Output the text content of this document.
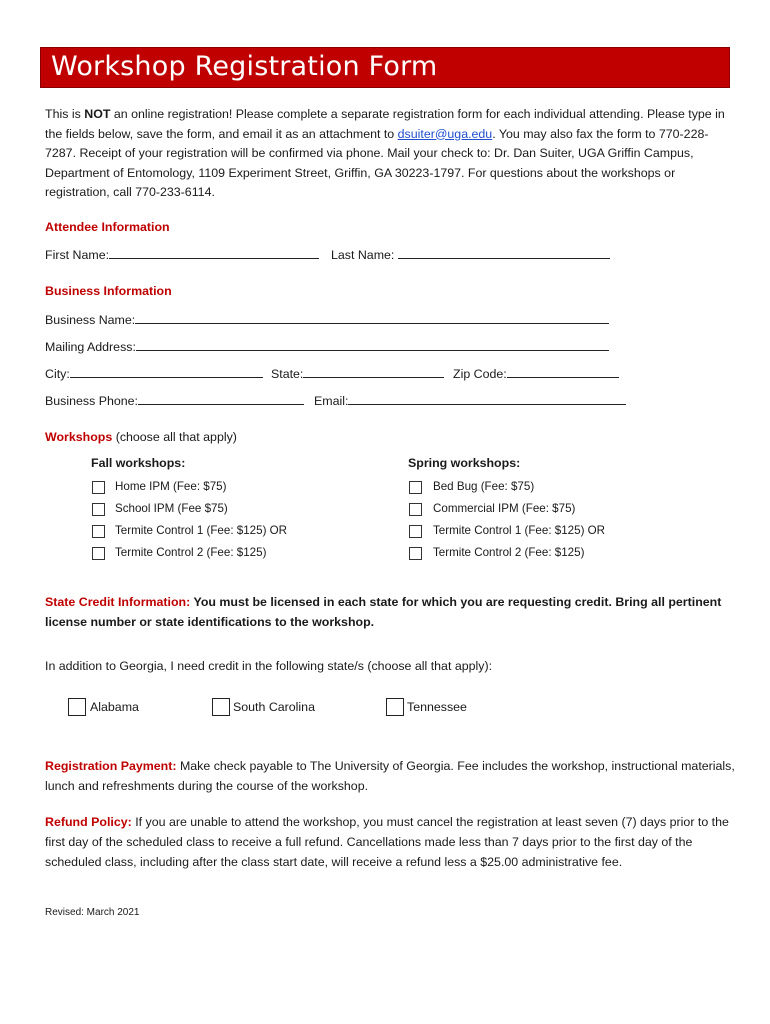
Workshop Registration Form
This is NOT an online registration! Please complete a separate registration form for each individual attending. Please type in the fields below, save the form, and email it as an attachment to dsuiter@uga.edu. You may also fax the form to 770-228-7287. Receipt of your registration will be confirmed via phone. Mail your check to: Dr. Dan Suiter, UGA Griffin Campus, Department of Entomology, 1109 Experiment Street, Griffin, GA 30223-1797. For questions about the workshops or registration, call 770-233-6114.
Attendee Information
First Name:	Last Name:
Business Information
Business Name:
Mailing Address:
City:	State:	Zip Code:
Business Phone:	Email:
Workshops (choose all that apply)
Fall workshops:	Spring workshops:
Home IPM (Fee: $75)
School IPM (Fee $75)
Termite Control 1 (Fee: $125) OR
Termite Control 2 (Fee: $125)
Bed Bug (Fee: $75)
Commercial IPM (Fee: $75)
Termite Control 1 (Fee: $125) OR
Termite Control 2 (Fee: $125)
State Credit Information: You must be licensed in each state for which you are requesting credit. Bring all pertinent license number or state identifications to the workshop.
In addition to Georgia, I need credit in the following state/s (choose all that apply):
Alabama	South Carolina	Tennessee
Registration Payment: Make check payable to The University of Georgia. Fee includes the workshop, instructional materials, lunch and refreshments during the course of the workshop.
Refund Policy: If you are unable to attend the workshop, you must cancel the registration at least seven (7) days prior to the first day of the scheduled class to receive a full refund. Cancellations made less than 7 days prior to the first day of the scheduled class, including after the class start date, will receive a refund less a $25.00 administrative fee.
Revised: March 2021
